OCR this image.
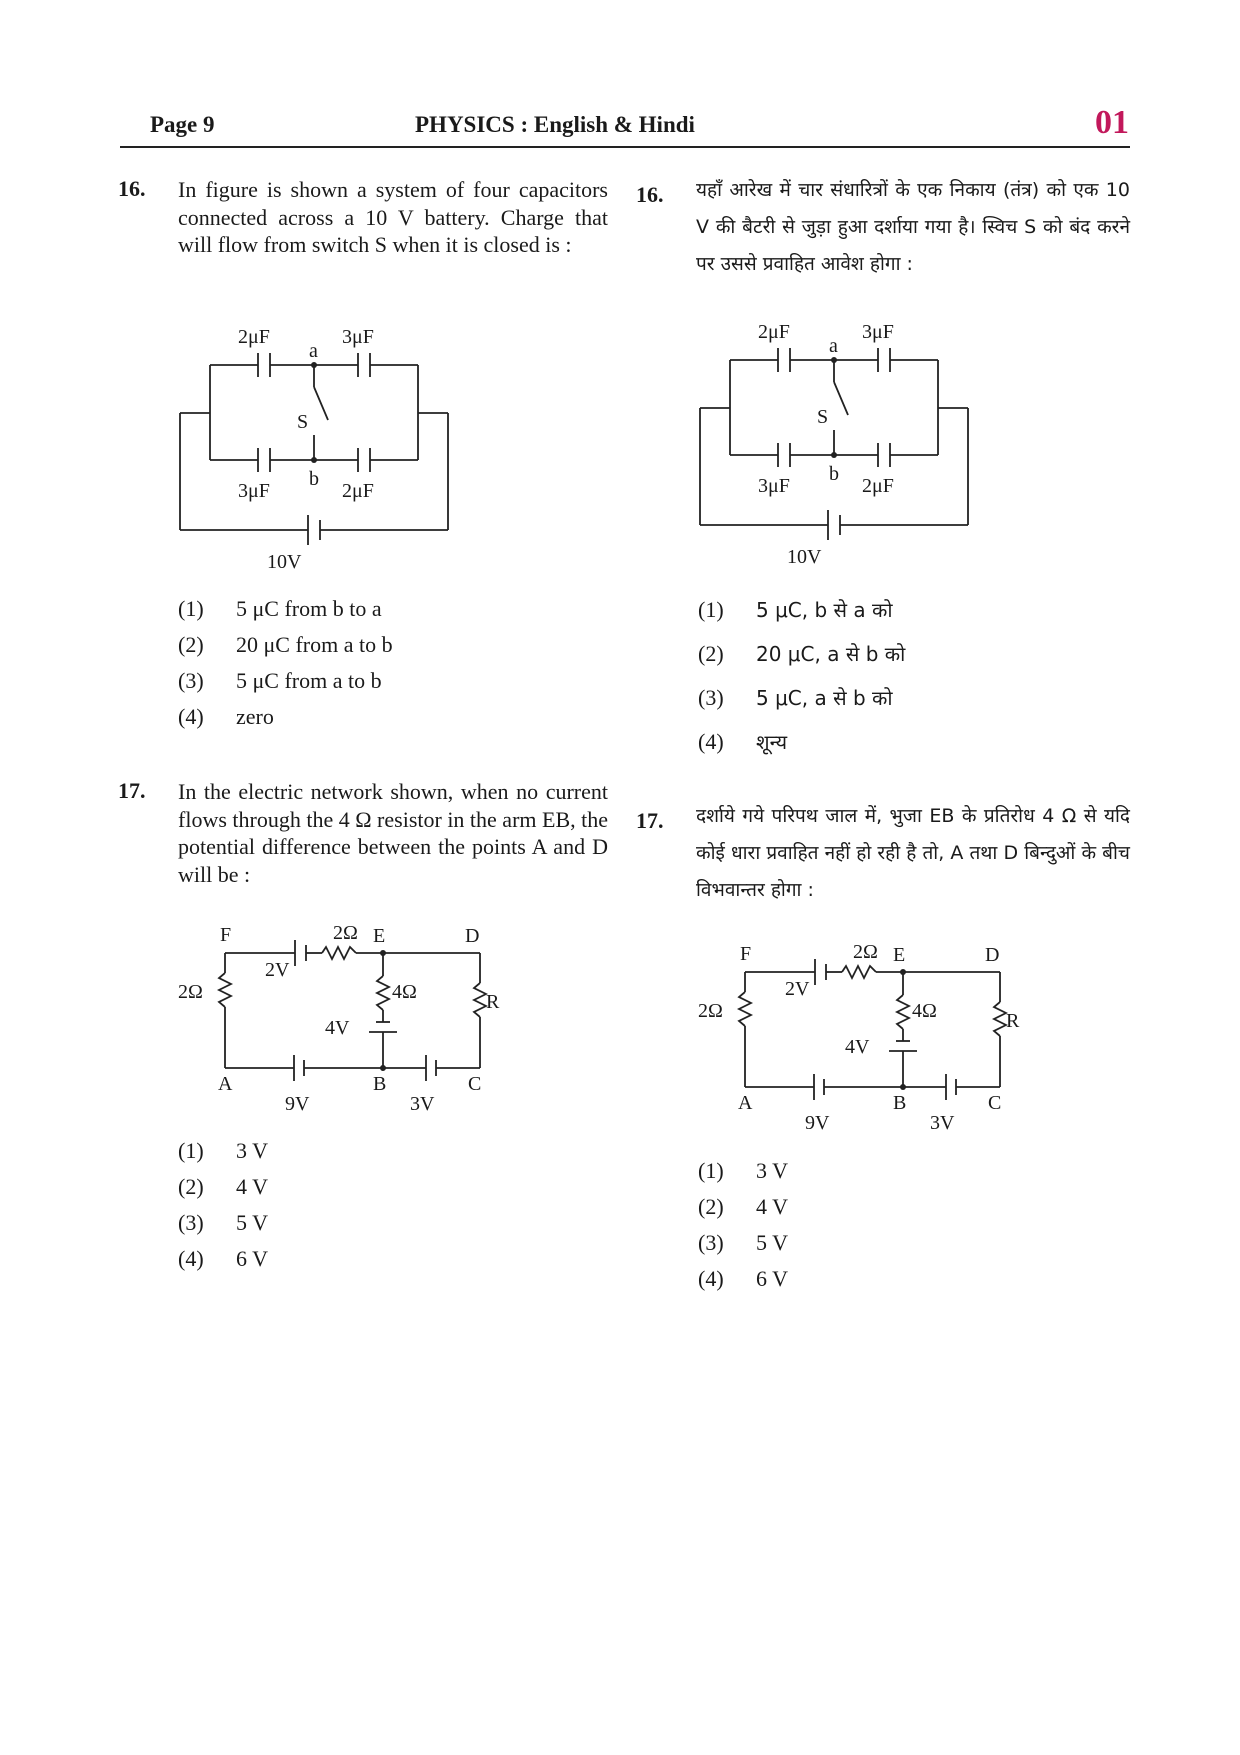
Page 9	PHYSICS : English & Hindi	01
16. In figure is shown a system of four capacitors connected across a 10 V battery. Charge that will flow from switch S when it is closed is :
2μF	3μF
a
S
b
3μF	2μF
10V
(1) 5 μC from b to a
(2) 20 μC from a to b
(3) 5 μC from a to b
(4) zero
17. In the electric network shown, when no current flows through the 4 Ω resistor in the arm EB, the potential difference between the points A and D will be :
F	2Ω E	D
2V
2Ω	4Ω
4V
R
A	B	C
9V	3V
(1) 3 V
(2) 4 V
(3) 5 V
(4) 6 V
16. यहाँ आरेख में चार संधारित्रों के एक निकाय (तंत्र) को एक 10 V की बैटरी से जुड़ा हुआ दर्शाया गया है। स्विच S को बंद करने पर उससे प्रवाहित आवेश होगा :
2μF	3μF
a
S
b
3μF	2μF
10V
(1) 5 μC, b से a को
(2) 20 μC, a से b को
(3) 5 μC, a से b को
(4) शून्य
17. दर्शाये गये परिपथ जाल में, भुजा EB के प्रतिरोध 4 Ω से यदि कोई धारा प्रवाहित नहीं हो रही है तो, A तथा D बिन्दुओं के बीच विभवान्तर होगा :
F	2Ω E	D
2V
2Ω	4Ω
4V
R
A	B	C
9V	3V
(1) 3 V
(2) 4 V
(3) 5 V
(4) 6 V
